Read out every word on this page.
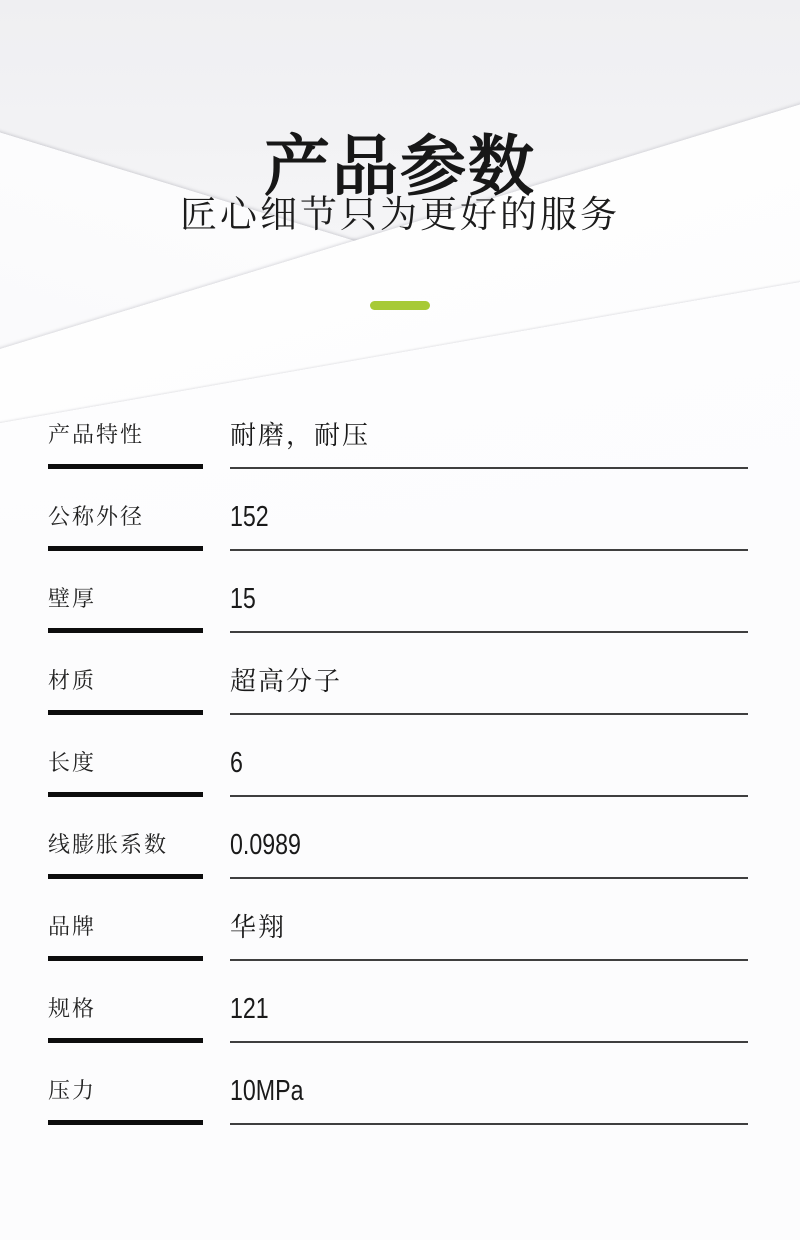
产品参数
匠心细节只为更好的服务
产品特性	耐磨，耐压
公称外径	152
壁厚	15
材质	超高分子
长度	6
线膨胀系数	0.0989
品牌	华翔
规格	121
压力	10MPa
